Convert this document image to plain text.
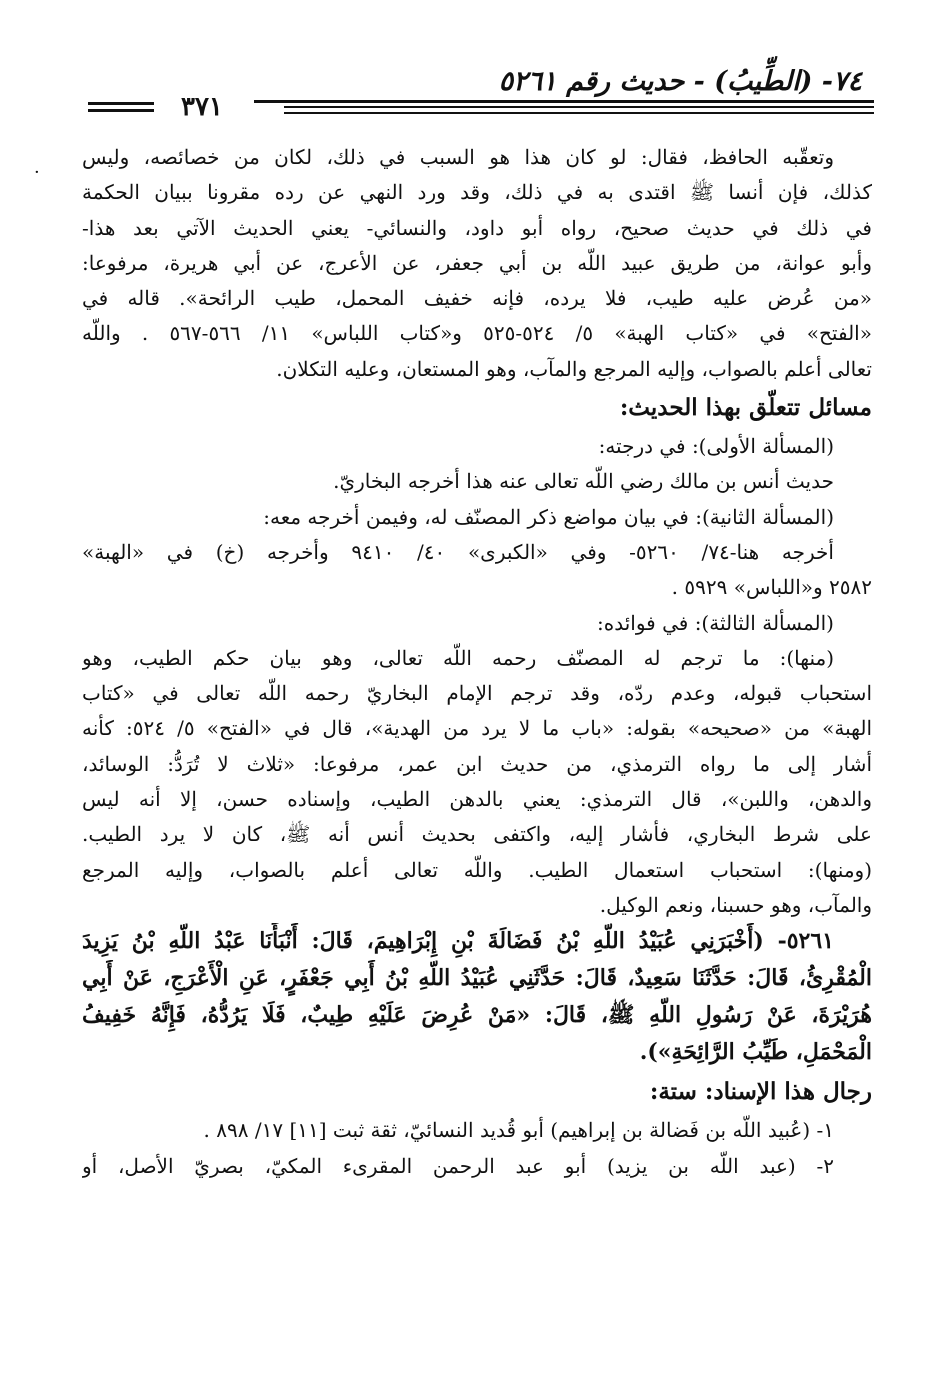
٧٤- (الطِّيبُ) - حديث رقم ٥٢٦١
٣٧١
·
وتعقّبه الحافظ، فقال: لو كان هذا هو السبب في ذلك، لكان من خصائصه، وليس
كذلك، فإن أنسا ﷺ اقتدى به في ذلك، وقد ورد النهي عن رده مقرونا ببيان الحكمة
في ذلك في حديث صحيح، رواه أبو داود، والنسائي- يعني الحديث الآتي بعد هذا-
وأبو عوانة، من طريق عبيد اللّه بن أبي جعفر، عن الأعرج، عن أبي هريرة، مرفوعا:
«من عُرض عليه طيب، فلا يرده، فإنه خفيف المحمل، طيب الرائحة». قاله في
«الفتح» في «كتاب الهبة» ٥/ ٥٢٤-٥٢٥ و«كتاب اللباس» ١١/ ٥٦٦-٥٦٧ . واللّه
تعالى أعلم بالصواب، وإليه المرجع والمآب، وهو المستعان، وعليه التكلان.
مسائل تتعلّق بهذا الحديث:
(المسألة الأولى): في درجته:
حديث أنس بن مالك رضي اللّه تعالى عنه هذا أخرجه البخاريّ.
(المسألة الثانية): في بيان مواضع ذكر المصنّف له، وفيمن أخرجه معه:
أخرجه هنا-٧٤/ ٥٢٦٠- وفي «الكبرى» ٤٠/ ٩٤١٠ وأخرجه (خ) في «الهبة»
٢٥٨٢ و«اللباس» ٥٩٢٩ .
(المسألة الثالثة): في فوائده:
(منها): ما ترجم له المصنّف رحمه اللّه تعالى، وهو بيان حكم الطيب، وهو
استحباب قبوله، وعدم ردّه، وقد ترجم الإمام البخاريّ رحمه اللّه تعالى في «كتاب
الهبة» من «صحيحه» بقوله: «باب ما لا يرد من الهدية»، قال في «الفتح» ٥/ ٥٢٤: كأنه
أشار إلى ما رواه الترمذي، من حديث ابن عمر، مرفوعا: «ثلاث لا تُرَدُّ: الوسائد،
والدهن، واللبن»، قال الترمذي: يعني بالدهن الطيب، وإسناده حسن، إلا أنه ليس
على شرط البخاري، فأشار إليه، واكتفى بحديث أنس أنه ﷺ، كان لا يرد الطيب.
(ومنها): استحباب استعمال الطيب. واللّه تعالى أعلم بالصواب، وإليه المرجع
والمآب، وهو حسبنا، ونعم الوكيل.
٥٢٦١- (أَخْبَرَنِي عُبَيْدُ اللّهِ بْنُ فَضَالَةَ بْنِ إِبْرَاهِيمَ، قَالَ: أَنْبَأَنَا عَبْدُ اللّهِ بْنُ يَزِيدَ
الْمُقْرِئُ، قَالَ: حَدَّثَنَا سَعِيدٌ، قَالَ: حَدَّثَنِي عُبَيْدُ اللّهِ بْنُ أَبِي جَعْفَرٍ، عَنِ الْأَعْرَجِ، عَنْ أَبِي
هُرَيْرَةَ، عَنْ رَسُولِ اللّهِ ﷺ، قَالَ: «مَنْ عُرِضَ عَلَيْهِ طِيبٌ، فَلَا يَرُدُّهُ، فَإِنَّهُ خَفِيفُ
الْمَحْمَلِ، طَيِّبُ الرَّائِحَةِ»).
رجال هذا الإسناد: ستة:
١- (عُبيد اللّه بن فَضالة بن إبراهيم) أبو قُديد النسائيّ، ثقة ثبت [١١] ١٧/ ٨٩٨ .
٢- (عبد اللّه بن يزيد) أبو عبد الرحمن المقرىء المكيّ، بصريّ الأصل، أو
